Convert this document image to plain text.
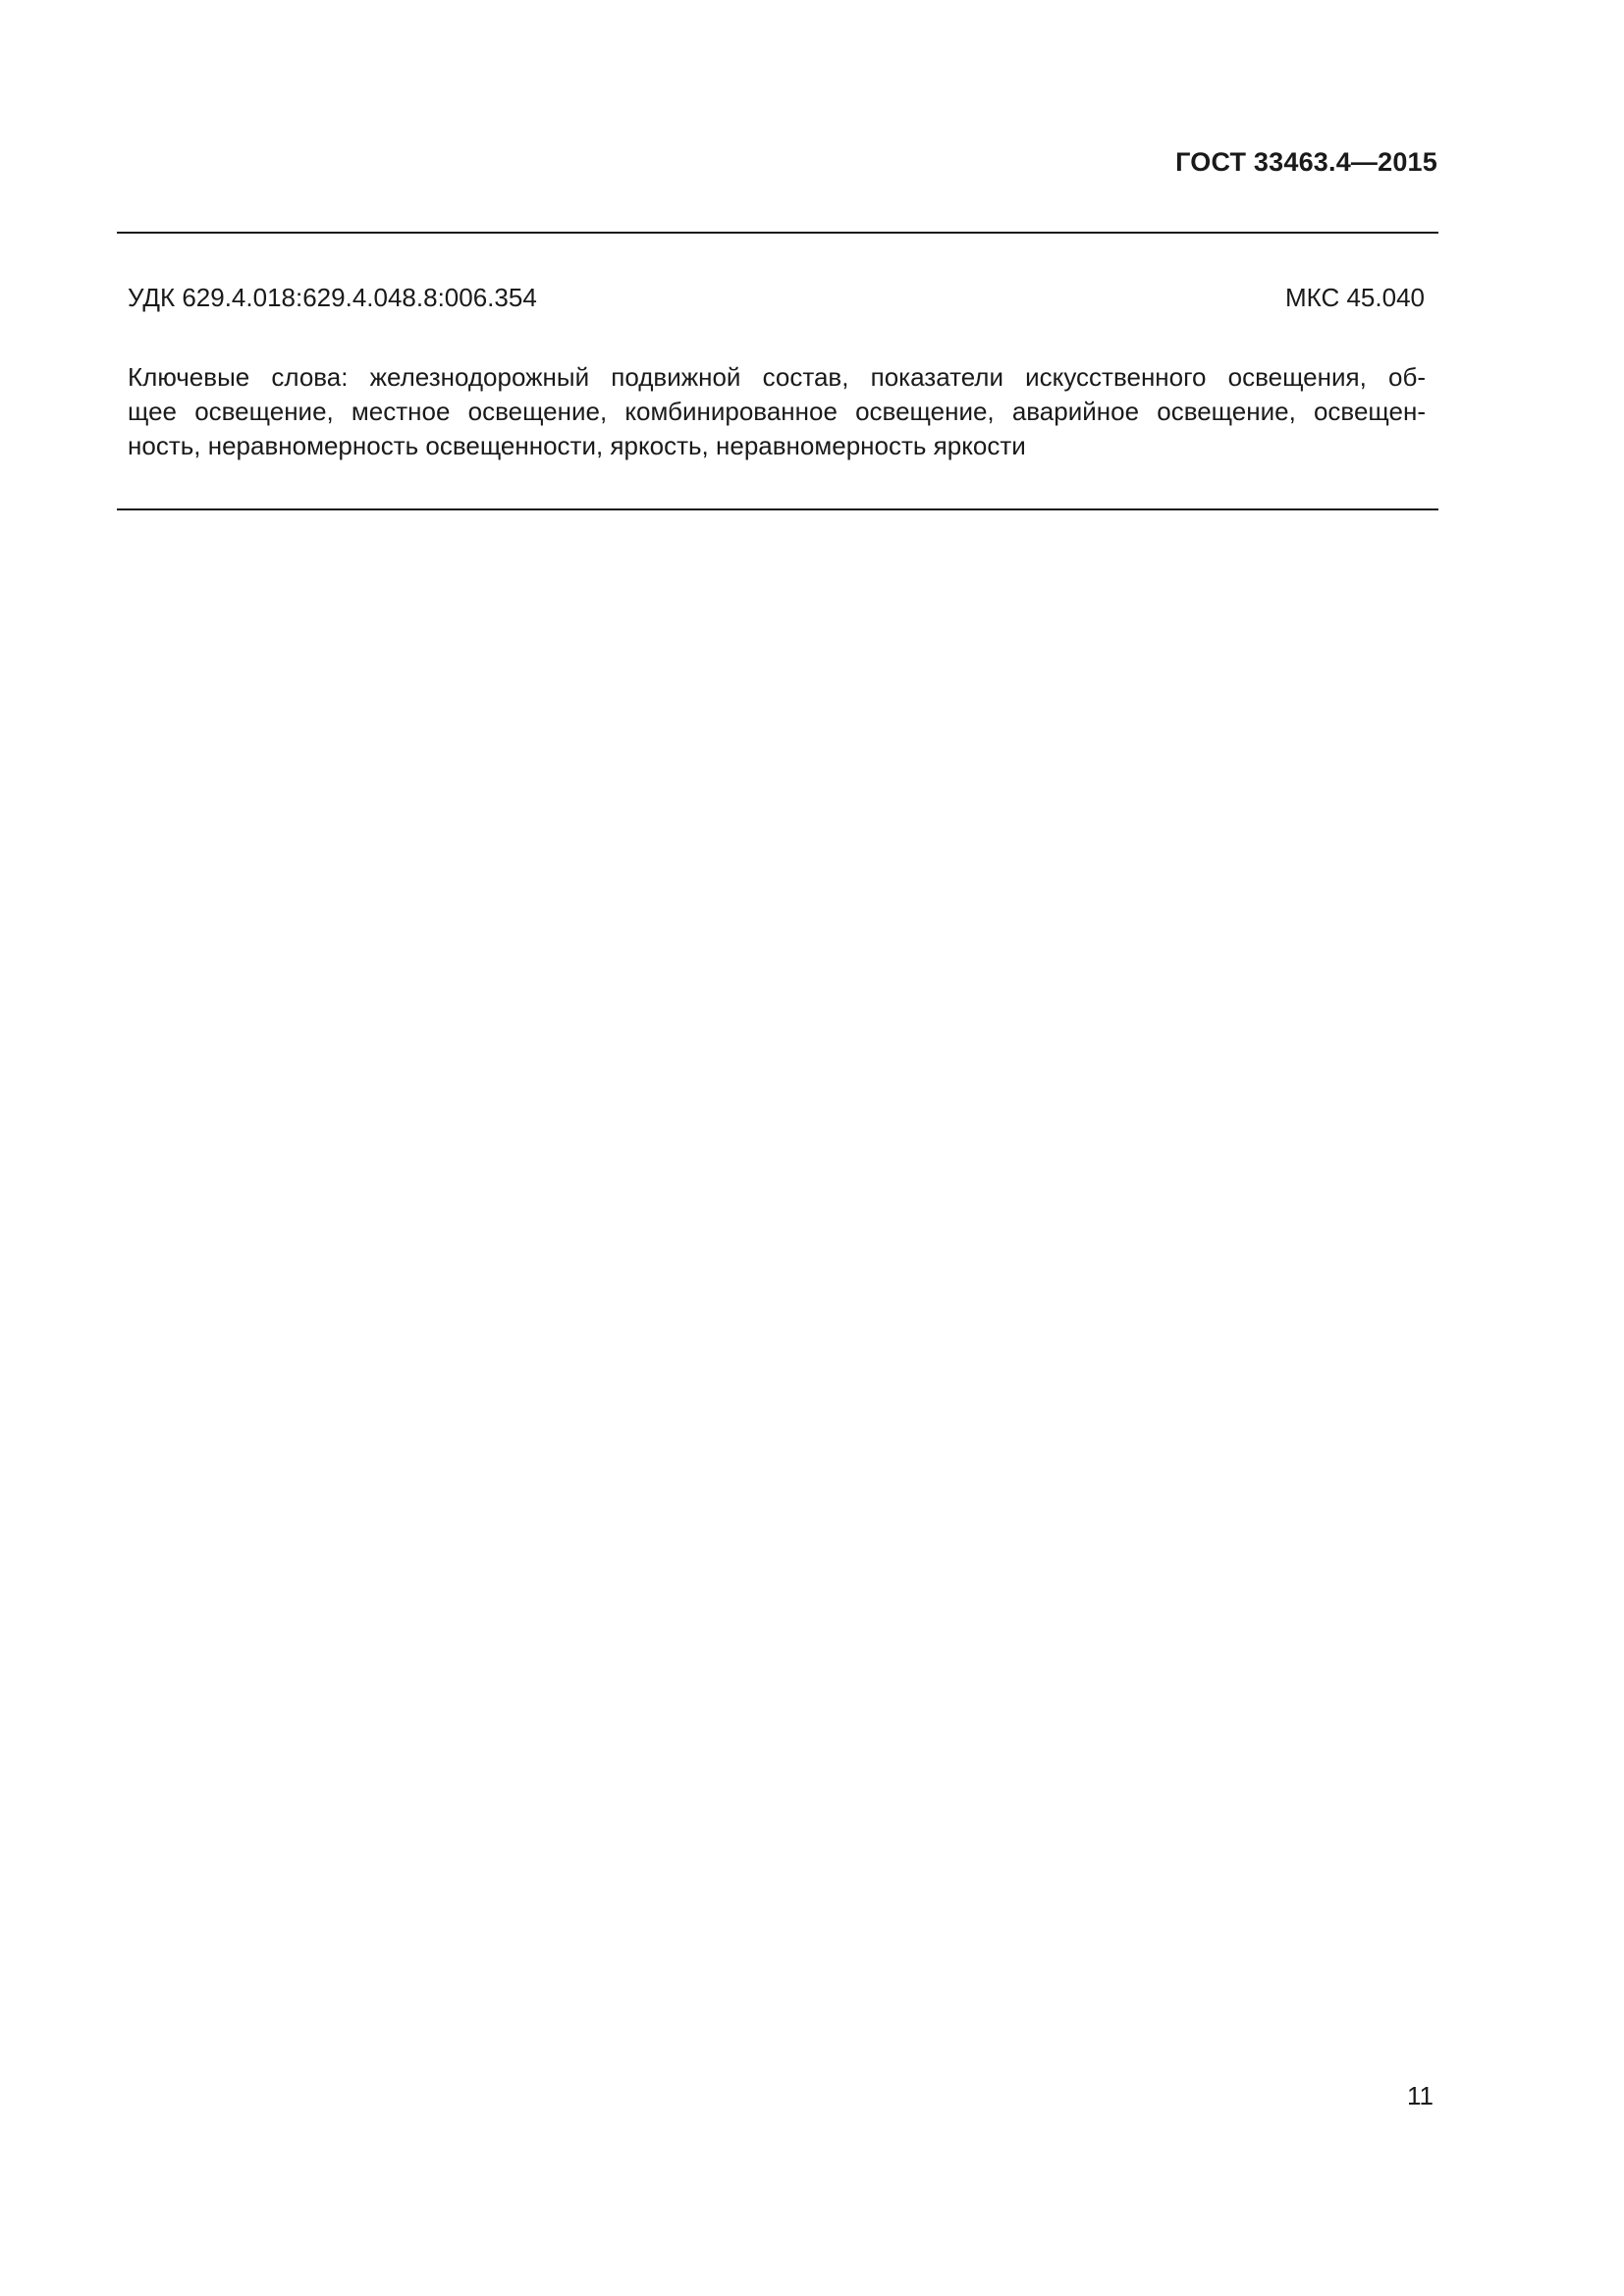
ГОСТ 33463.4—2015
УДК 629.4.018:629.4.048.8:006.354	МКС 45.040
Ключевые слова: железнодорожный подвижной состав, показатели искусственного освещения, об-
щее освещение, местное освещение, комбинированное освещение, аварийное освещение, освещен-
ность, неравномерность освещенности, яркость, неравномерность яркости
11
